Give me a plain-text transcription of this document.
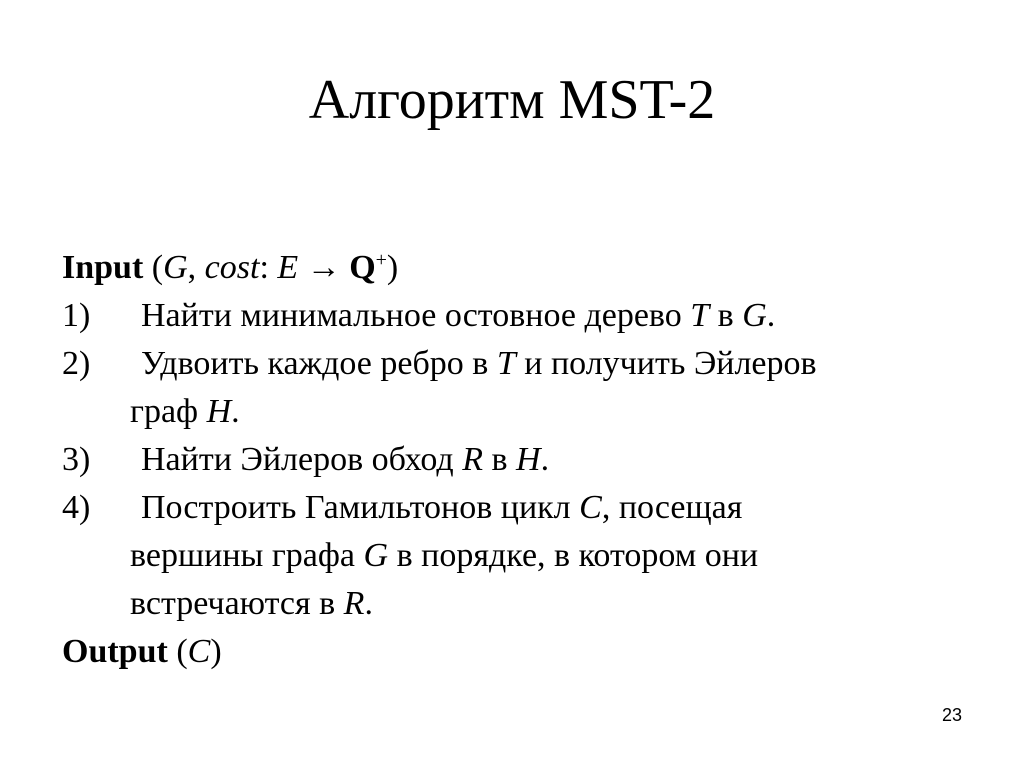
Алгоритм MST-2
Input (G, cost: E → Q+)
1) Найти минимальное остовное дерево T в G.
2) Удвоить каждое ребро в T и получить Эйлеров
граф H.
3) Найти Эйлеров обход R в H.
4) Построить Гамильтонов цикл C, посещая
вершины графа G в порядке, в котором они
встречаются в R.
Output (C)
23
